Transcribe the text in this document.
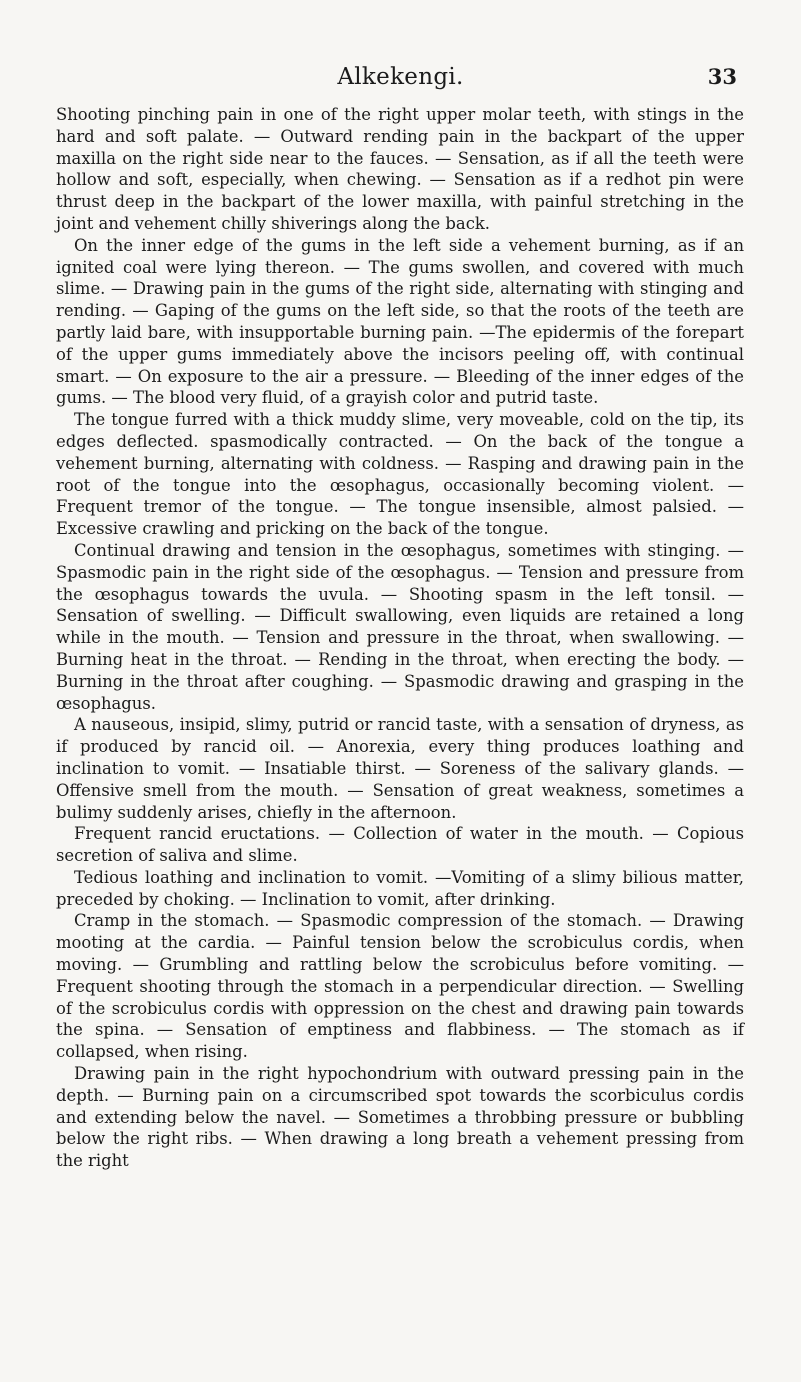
Alkekengi.	33

Shooting pinching pain in one of the right upper molar teeth, with stings in the hard and soft palate. — Outward rending pain in the backpart of the upper maxilla on the right side near to the fauces. — Sensation, as if all the teeth were hollow and soft, especially, when chewing. — Sensation as if a redhot pin were thrust deep in the backpart of the lower maxilla, with painful stretching in the joint and vehement chilly shiverings along the back.

On the inner edge of the gums in the left side a vehement burning, as if an ignited coal were lying thereon. — The gums swollen, and covered with much slime. — Drawing pain in the gums of the right side, alternating with stinging and rending. — Gaping of the gums on the left side, so that the roots of the teeth are partly laid bare, with insupportable burning pain. —The epidermis of the forepart of the upper gums immediately above the incisors peeling off, with continual smart. — On exposure to the air a pressure. — Bleeding of the inner edges of the gums. — The blood very fluid, of a grayish color and putrid taste.

The tongue furred with a thick muddy slime, very moveable, cold on the tip, its edges deflected. spasmodically contracted. — On the back of the tongue a vehement burning, alternating with coldness. — Rasping and drawing pain in the root of the tongue into the œsophagus, occasionally becoming violent. — Frequent tremor of the tongue. — The tongue insensible, almost palsied. — Excessive crawling and pricking on the back of the tongue.

Continual drawing and tension in the œsophagus, sometimes with stinging. — Spasmodic pain in the right side of the œsophagus. — Tension and pressure from the œsophagus towards the uvula. — Shooting spasm in the left tonsil. — Sensation of swelling. — Difficult swallowing, even liquids are retained a long while in the mouth. — Tension and pressure in the throat, when swallowing. — Burning heat in the throat. — Rending in the throat, when erecting the body. — Burning in the throat after coughing. — Spasmodic drawing and grasping in the œsophagus.

A nauseous, insipid, slimy, putrid or rancid taste, with a sensation of dryness, as if produced by rancid oil. — Anorexia, every thing produces loathing and inclination to vomit. — Insatiable thirst. — Soreness of the salivary glands. — Offensive smell from the mouth. — Sensation of great weakness, sometimes a bulimy suddenly arises, chiefly in the afternoon.

Frequent rancid eructations. — Collection of water in the mouth. — Copious secretion of saliva and slime.

Tedious loathing and inclination to vomit. —Vomiting of a slimy bilious matter, preceded by choking. — Inclination to vomit, after drinking.

Cramp in the stomach. — Spasmodic compression of the stomach. — Drawing mooting at the cardia. — Painful tension below the scrobiculus cordis, when moving. — Grumbling and rattling below the scrobiculus before vomiting. — Frequent shooting through the stomach in a perpendicular direction. — Swelling of the scrobiculus cordis with oppression on the chest and drawing pain towards the spina. — Sensation of emptiness and flabbiness. — The stomach as if collapsed, when rising.

Drawing pain in the right hypochondrium with outward pressing pain in the depth. — Burning pain on a circumscribed spot towards the scorbiculus cordis and extending below the navel. — Sometimes a throbbing pressure or bubbling below the right ribs. — When drawing a long breath a vehement pressing from the right
